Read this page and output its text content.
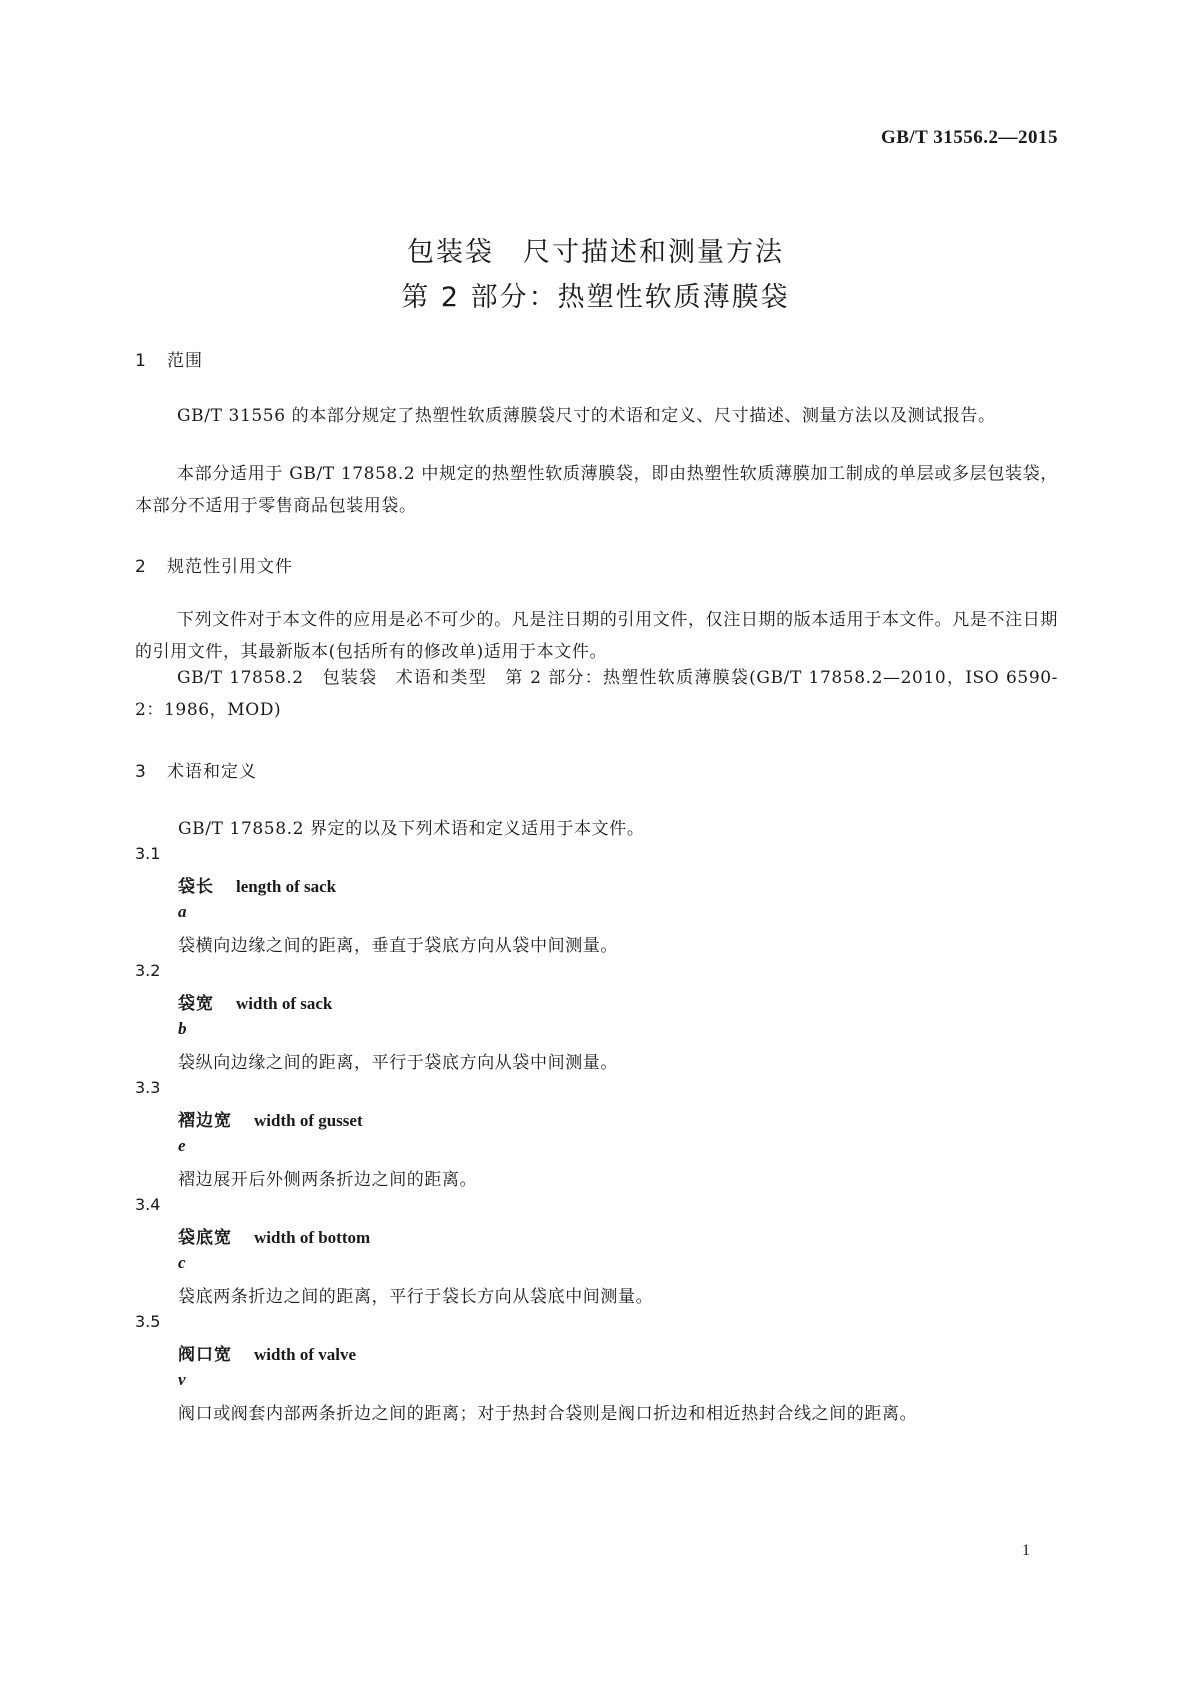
GB/T 31556.2—2015
包装袋　尺寸描述和测量方法
第 2 部分：热塑性软质薄膜袋
1 范围

GB/T 31556 的本部分规定了热塑性软质薄膜袋尺寸的术语和定义、尺寸描述、测量方法以及测试报告。

本部分适用于 GB/T 17858.2 中规定的热塑性软质薄膜袋，即由热塑性软质薄膜加工制成的单层或多层包装袋，本部分不适用于零售商品包装用袋。

2 规范性引用文件

下列文件对于本文件的应用是必不可少的。凡是注日期的引用文件，仅注日期的版本适用于本文件。凡是不注日期的引用文件，其最新版本(包括所有的修改单)适用于本文件。

GB/T 17858.2　包装袋　术语和类型　第 2 部分：热塑性软质薄膜袋(GB/T 17858.2—2010，ISO 6590-2：1986，MOD)

3 术语和定义
GB/T 17858.2 界定的以及下列术语和定义适用于本文件。
3.1
袋长 length of sack
a
袋横向边缘之间的距离，垂直于袋底方向从袋中间测量。
3.2
袋宽 width of sack
b
袋纵向边缘之间的距离，平行于袋底方向从袋中间测量。
3.3
褶边宽 width of gusset
e
褶边展开后外侧两条折边之间的距离。
3.4
袋底宽 width of bottom
c
袋底两条折边之间的距离，平行于袋长方向从袋底中间测量。
3.5
阀口宽 width of valve
v
阀口或阀套内部两条折边之间的距离；对于热封合袋则是阀口折边和相近热封合线之间的距离。
1
